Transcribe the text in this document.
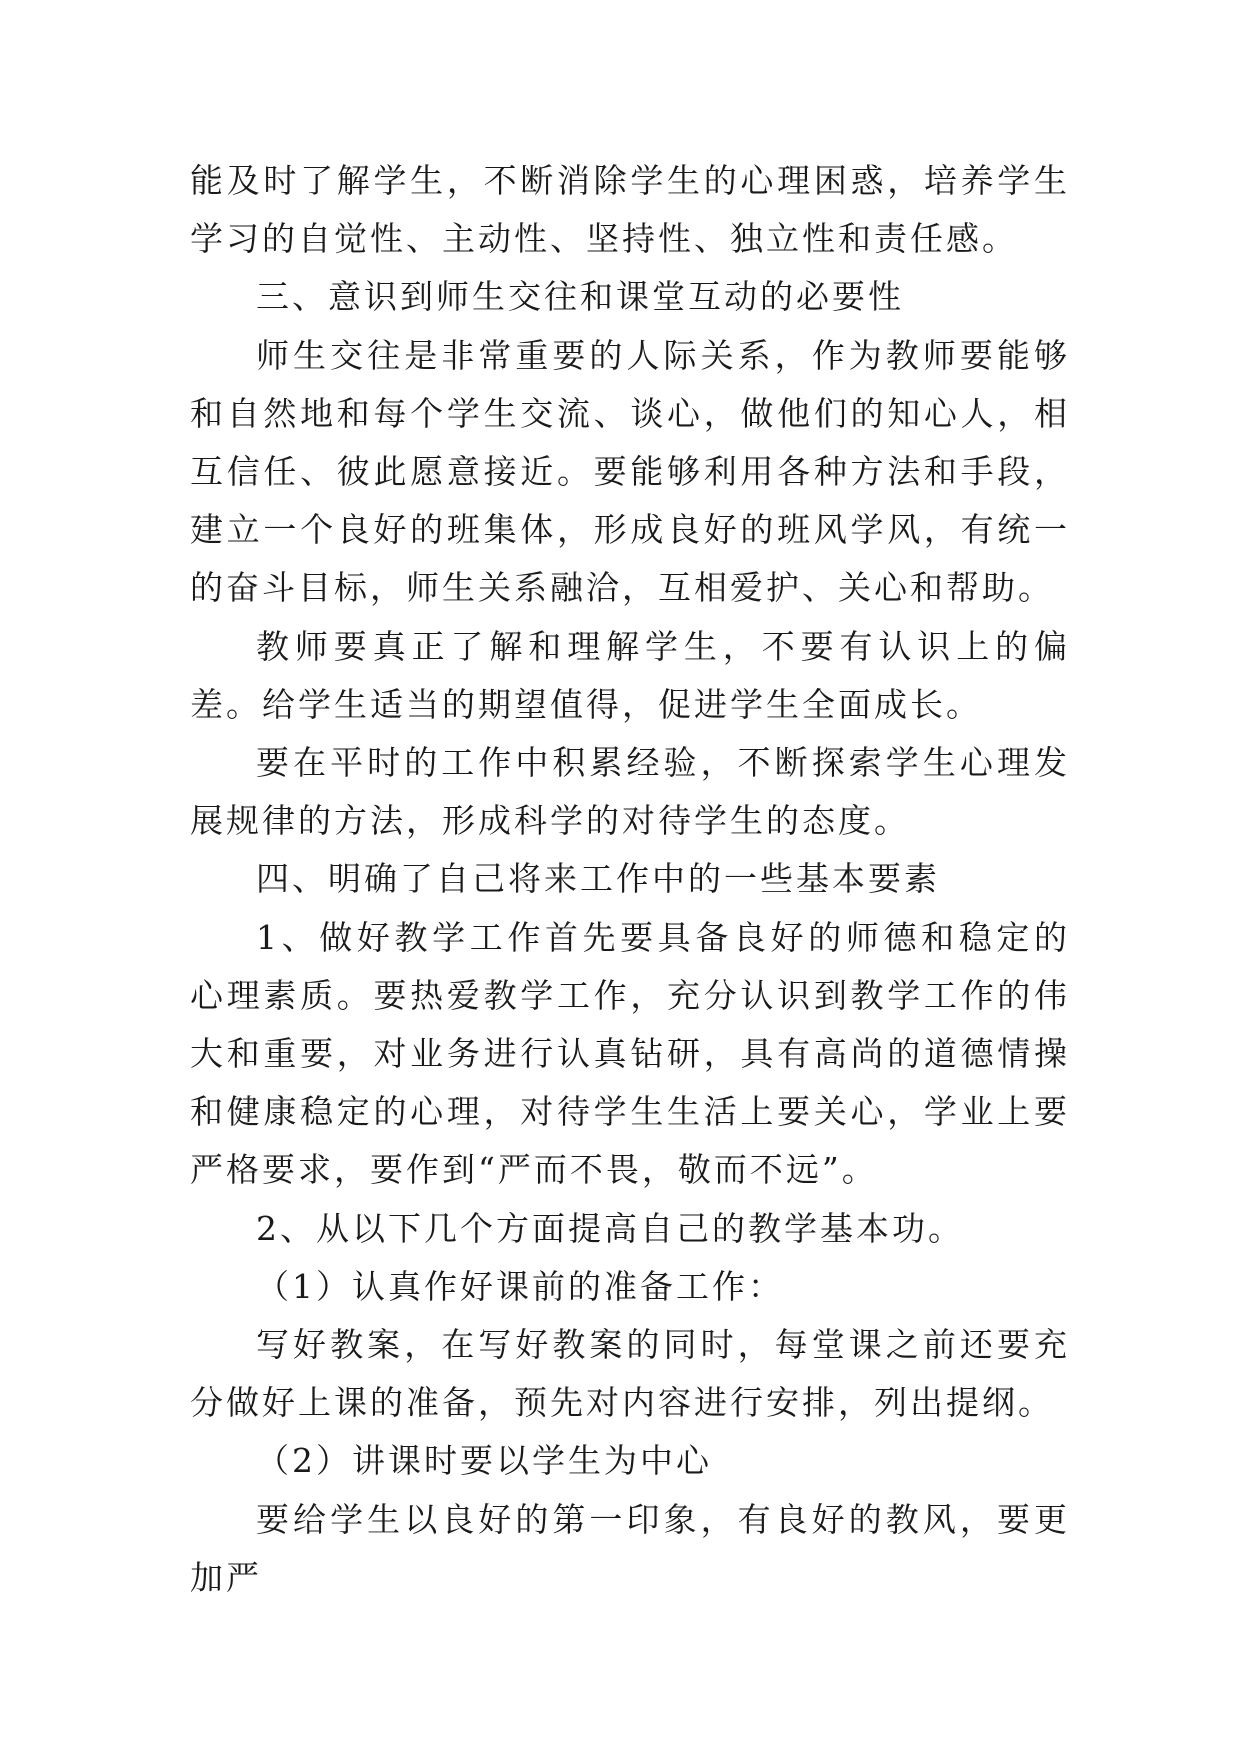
能及时了解学生，不断消除学生的心理困惑，培养学生学习的自觉性、主动性、坚持性、独立性和责任感。

三、意识到师生交往和课堂互动的必要性

师生交往是非常重要的人际关系，作为教师要能够和自然地和每个学生交流、谈心，做他们的知心人，相互信任、彼此愿意接近。要能够利用各种方法和手段，建立一个良好的班集体，形成良好的班风学风，有统一的奋斗目标，师生关系融洽，互相爱护、关心和帮助。

教师要真正了解和理解学生，不要有认识上的偏差。给学生适当的期望值得，促进学生全面成长。

要在平时的工作中积累经验，不断探索学生心理发展规律的方法，形成科学的对待学生的态度。

四、明确了自己将来工作中的一些基本要素

1、做好教学工作首先要具备良好的师德和稳定的心理素质。要热爱教学工作，充分认识到教学工作的伟大和重要，对业务进行认真钻研，具有高尚的道德情操和健康稳定的心理，对待学生生活上要关心，学业上要严格要求，要作到“严而不畏，敬而不远”。

2、从以下几个方面提高自己的教学基本功。

（1）认真作好课前的准备工作：

写好教案，在写好教案的同时，每堂课之前还要充分做好上课的准备，预先对内容进行安排，列出提纲。

（2）讲课时要以学生为中心

要给学生以良好的第一印象，有良好的教风，要更加严
